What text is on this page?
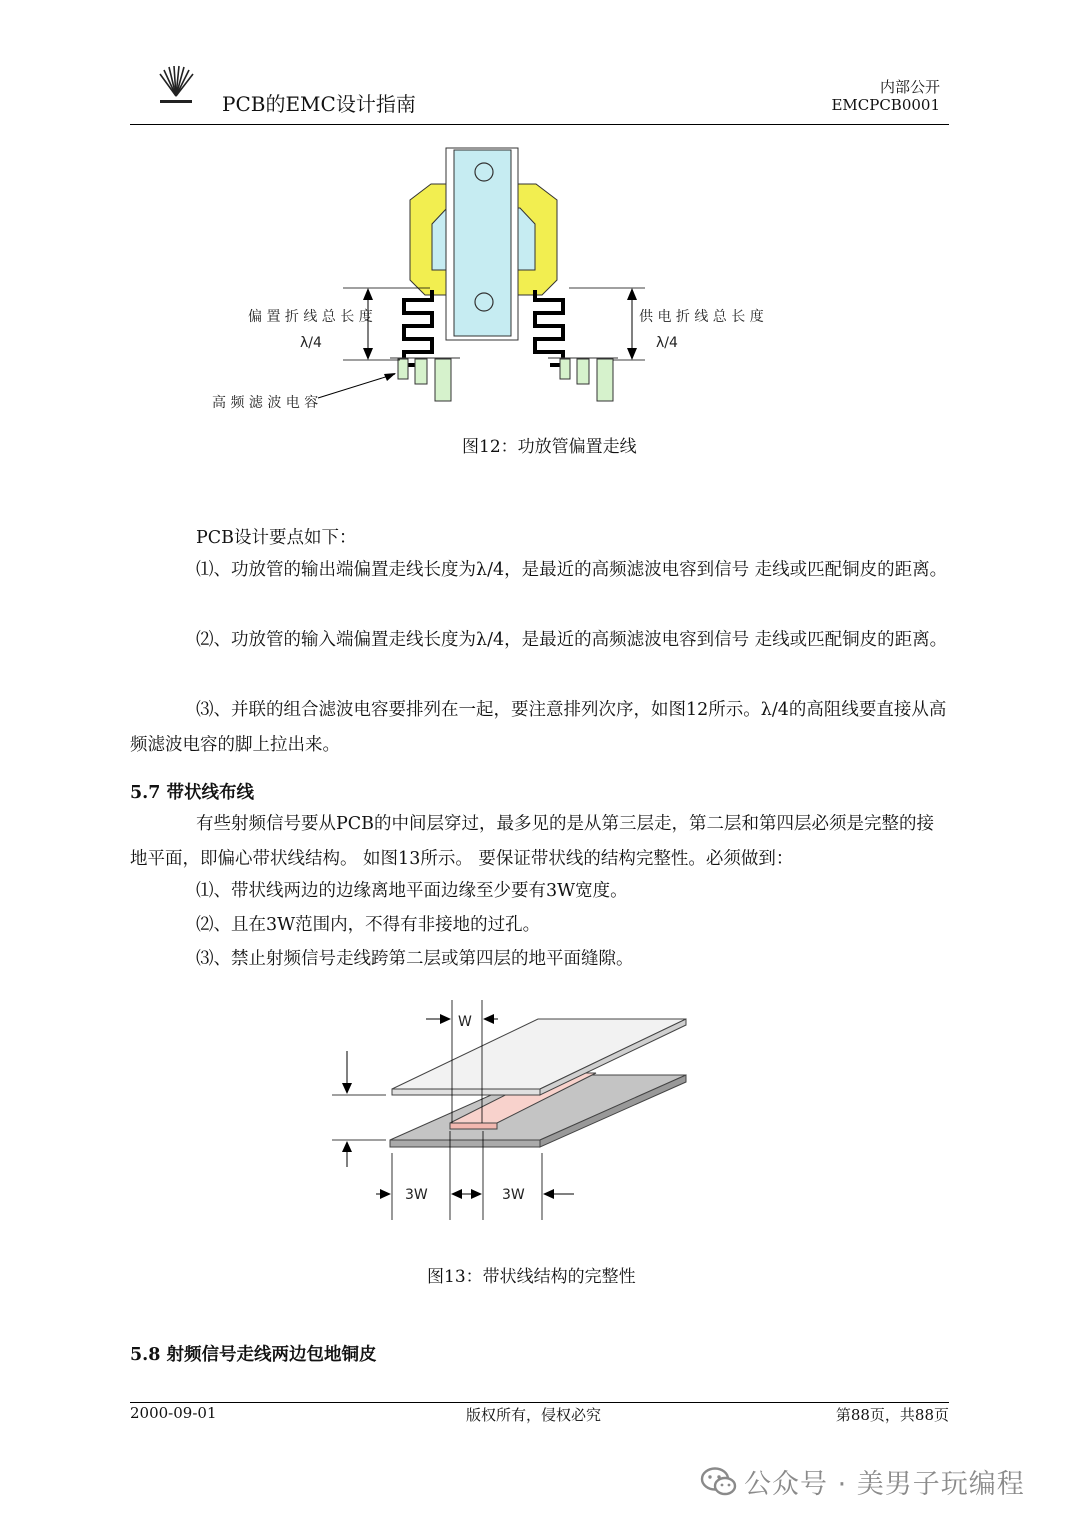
PCB的EMC设计指南
内部公开
EMCPCB0001
偏 置 折 线 总 长 度
λ/4
供 电 折 线 总 长 度
λ/4
高 频 滤 波 电 容
图12：功放管偏置走线
PCB设计要点如下：
⑴、功放管的输出端偏置走线长度为λ/4，是最近的高频滤波电容到信号 走线或匹配铜皮的距离。
⑵、功放管的输入端偏置走线长度为λ/4，是最近的高频滤波电容到信号 走线或匹配铜皮的距离。
⑶、并联的组合滤波电容要排列在一起，要注意排列次序，如图12所示。λ/4的高阻线要直接从高频滤波电容的脚上拉出来。
5.7 带状线布线
有些射频信号要从PCB的中间层穿过，最多见的是从第三层走，第二层和第四层必须是完整的接地平面，即偏心带状线结构。 如图13所示。 要保证带状线的结构完整性。必须做到：
⑴、带状线两边的边缘离地平面边缘至少要有3W宽度。
⑵、且在3W范围内，不得有非接地的过孔。
⑶、禁止射频信号走线跨第二层或第四层的地平面缝隙。
W
3W	3W
图13：带状线结构的完整性
5.8 射频信号走线两边包地铜皮
2000-09-01	版权所有，侵权必究	第88页，共88页
公众号 · 美男子玩编程
